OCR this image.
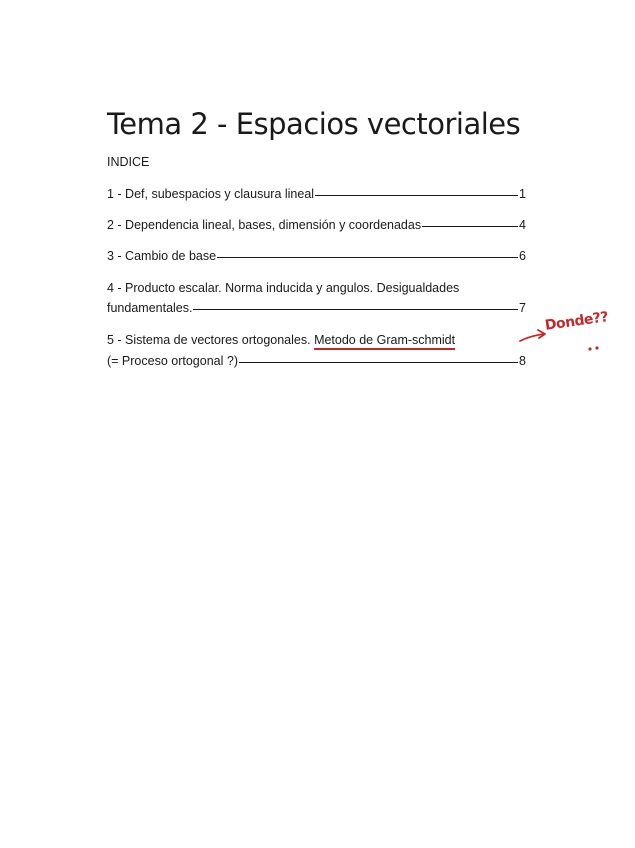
Tema 2 - Espacios vectoriales
INDICE
1 - Def, subespacios y clausura lineal	1
2 - Dependencia lineal, bases, dimensión y coordenadas	4
3 - Cambio de base	6
4 - Producto escalar. Norma inducida y angulos. Desigualdades
fundamentales.	7
5 - Sistema de vectores ortogonales. Metodo de Gram-schmidt
(= Proceso ortogonal ?)	8
Donde??
